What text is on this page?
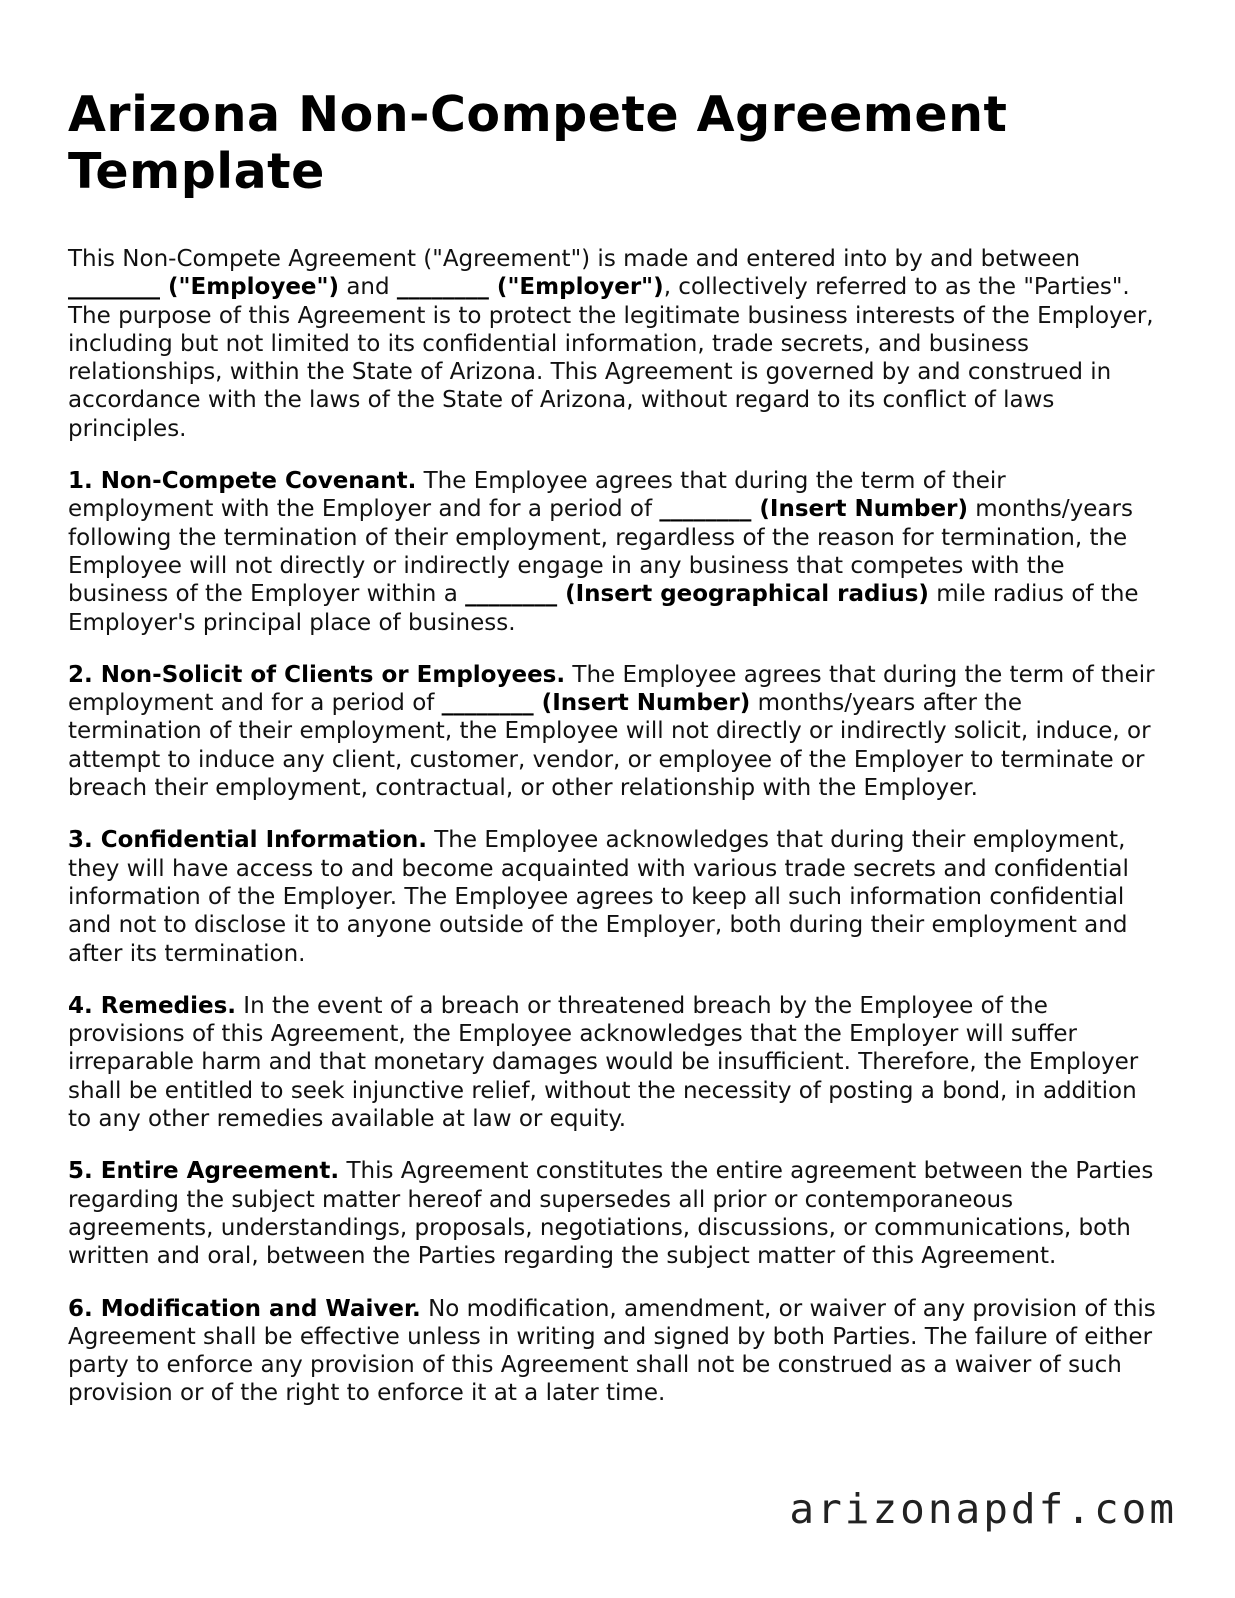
Arizona Non-Compete Agreement Template

This Non-Compete Agreement ("Agreement") is made and entered into by and between ________ ("Employee") and ________ ("Employer"), collectively referred to as the "Parties". The purpose of this Agreement is to protect the legitimate business interests of the Employer, including but not limited to its confidential information, trade secrets, and business relationships, within the State of Arizona. This Agreement is governed by and construed in accordance with the laws of the State of Arizona, without regard to its conflict of laws principles.

1. Non-Compete Covenant. The Employee agrees that during the term of their employment with the Employer and for a period of ________ (Insert Number) months/years following the termination of their employment, regardless of the reason for termination, the Employee will not directly or indirectly engage in any business that competes with the business of the Employer within a ________ (Insert geographical radius) mile radius of the Employer's principal place of business.

2. Non-Solicit of Clients or Employees. The Employee agrees that during the term of their employment and for a period of ________ (Insert Number) months/years after the termination of their employment, the Employee will not directly or indirectly solicit, induce, or attempt to induce any client, customer, vendor, or employee of the Employer to terminate or breach their employment, contractual, or other relationship with the Employer.

3. Confidential Information. The Employee acknowledges that during their employment, they will have access to and become acquainted with various trade secrets and confidential information of the Employer. The Employee agrees to keep all such information confidential and not to disclose it to anyone outside of the Employer, both during their employment and after its termination.

4. Remedies. In the event of a breach or threatened breach by the Employee of the provisions of this Agreement, the Employee acknowledges that the Employer will suffer irreparable harm and that monetary damages would be insufficient. Therefore, the Employer shall be entitled to seek injunctive relief, without the necessity of posting a bond, in addition to any other remedies available at law or equity.

5. Entire Agreement. This Agreement constitutes the entire agreement between the Parties regarding the subject matter hereof and supersedes all prior or contemporaneous agreements, understandings, proposals, negotiations, discussions, or communications, both written and oral, between the Parties regarding the subject matter of this Agreement.

6. Modification and Waiver. No modification, amendment, or waiver of any provision of this Agreement shall be effective unless in writing and signed by both Parties. The failure of either party to enforce any provision of this Agreement shall not be construed as a waiver of such provision or of the right to enforce it at a later time.

arizonapdf.com
